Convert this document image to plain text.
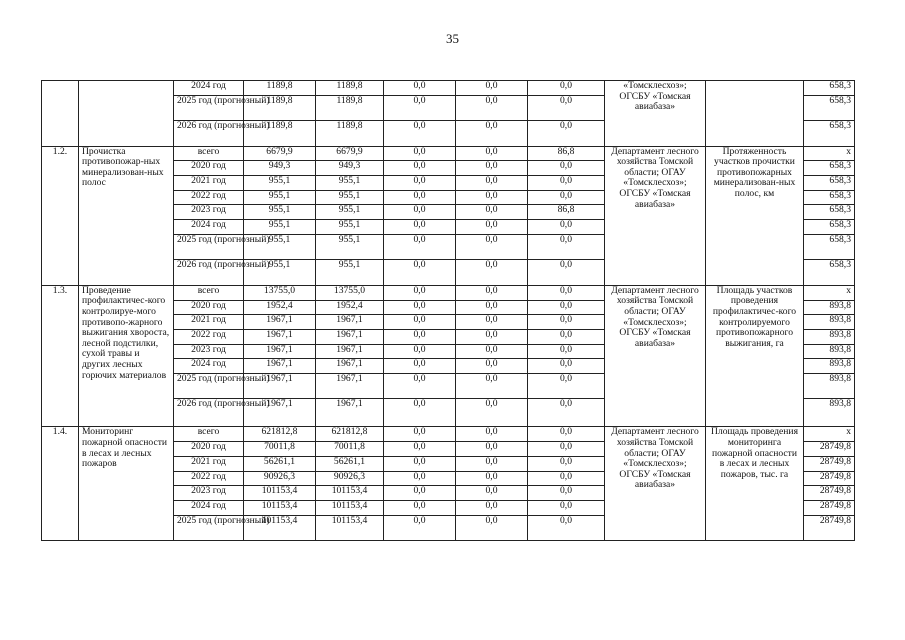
35
		2024 год	1189,8	1189,8	0,0	0,0	0,0	«Томсклесхоз»; ОГСБУ «Томская авиабаза»		658,3
		2025 год (прогнозный)	1189,8	1189,8	0,0	0,0	0,0			658,3
		2026 год (прогнозный)	1189,8	1189,8	0,0	0,0	0,0			658,3
1.2.	Прочистка противопожар-ных минерализован-ных полос	всего	6679,9	6679,9	0,0	0,0	86,8	Департамент лесного хозяйства Томской области; ОГАУ «Томсклесхоз»; ОГСБУ «Томская авиабаза»	Протяженность участков прочистки противопожарных минерализован-ных полос, км	х
		2020 год	949,3	949,3	0,0	0,0	0,0			658,3
		2021 год	955,1	955,1	0,0	0,0	0,0			658,3
		2022 год	955,1	955,1	0,0	0,0	0,0			658,3
		2023 год	955,1	955,1	0,0	0,0	86,8			658,3
		2024 год	955,1	955,1	0,0	0,0	0,0			658,3
		2025 год (прогнозный)	955,1	955,1	0,0	0,0	0,0			658,3
		2026 год (прогнозный)	955,1	955,1	0,0	0,0	0,0			658,3
1.3.	Проведение профилактичес-кого контролируе-мого противопо-жарного выжигания хвороста, лесной подстилки, сухой травы и других лесных горючих материалов	всего	13755,0	13755,0	0,0	0,0	0,0	Департамент лесного хозяйства Томской области; ОГАУ «Томсклесхоз»; ОГСБУ «Томская авиабаза»	Площадь участков проведения профилактичес-кого контролируемого противопожарного выжигания, га	х
		2020 год	1952,4	1952,4	0,0	0,0	0,0			893,8
		2021 год	1967,1	1967,1	0,0	0,0	0,0			893,8
		2022 год	1967,1	1967,1	0,0	0,0	0,0			893,8
		2023 год	1967,1	1967,1	0,0	0,0	0,0			893,8
		2024 год	1967,1	1967,1	0,0	0,0	0,0			893,8
		2025 год (прогнозный)	1967,1	1967,1	0,0	0,0	0,0			893,8
		2026 год (прогнозный)	1967,1	1967,1	0,0	0,0	0,0			893,8
1.4.	Мониторинг пожарной опасности в лесах и лесных пожаров	всего	621812,8	621812,8	0,0	0,0	0,0	Департамент лесного хозяйства Томской области; ОГАУ «Томсклесхоз»; ОГСБУ «Томская авиабаза»	Площадь проведения мониторинга пожарной опасности в лесах и лесных пожаров, тыс. га	х
		2020 год	70011,8	70011,8	0,0	0,0	0,0			28749,8
		2021 год	56261,1	56261,1	0,0	0,0	0,0			28749,8
		2022 год	90926,3	90926,3	0,0	0,0	0,0			28749,8
		2023 год	101153,4	101153,4	0,0	0,0	0,0			28749,8
		2024 год	101153,4	101153,4	0,0	0,0	0,0			28749,8
		2025 год (прогнозный)	101153,4	101153,4	0,0	0,0	0,0			28749,8
